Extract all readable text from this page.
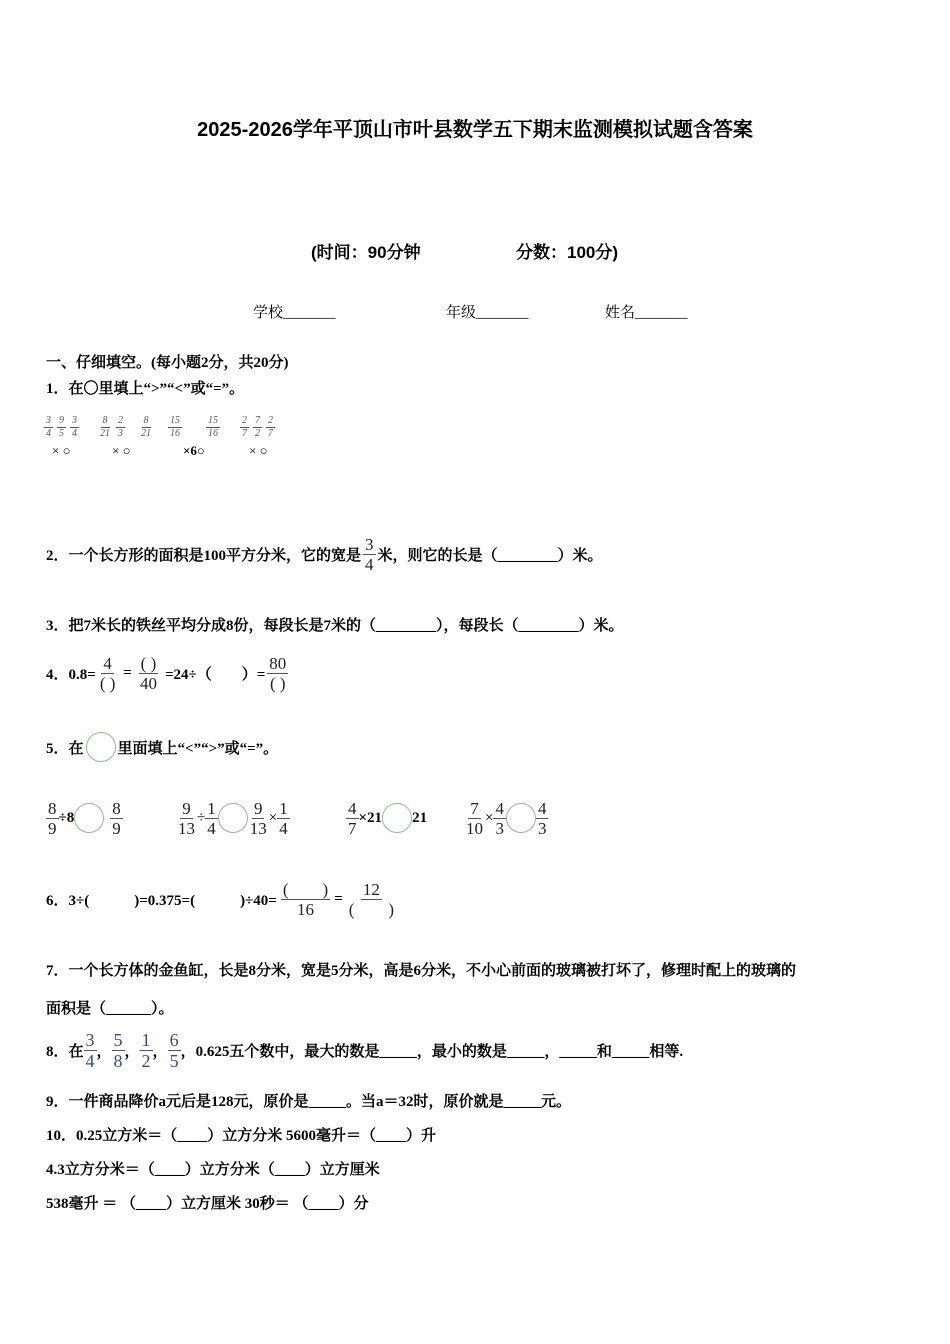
2025-2026学年平顶山市叶县数学五下期末监测模拟试题含答案
(时间：90分钟	分数：100分)
学校_______	年级_______	姓名_______
一、仔细填空。(每小题2分，共20分)
1．在〇里填上“>”“<”或“=”。
$\frac{3}{4}$
$\frac{9}{5}$
$\frac{3}{4}$
× ○
$\frac{8}{21}$
$\frac{2}{3}$
$\frac{8}{21}$
× ○
$\frac{15}{16}$
$\frac{15}{16}$
×6○
$\frac{2}{7}$
$\frac{7}{2}$
$\frac{2}{7}$
× ○
2．一个长方形的面积是100平方分米，它的宽是 $\frac{3}{4}$ 米，则它的长是（________）米。
3．把7米长的铁丝平均分成8份，每段长是7米的（________），每段长（________）米。
4．$0.8= \frac{4}{( )} = \frac{( )}{40} =24\div$（　　）= $\frac{80}{( )}$
5．在 里面填上“<”“>”或“=”。
$\frac{8}{9} \div 8 \frac{8}{9}$	$\frac{9}{13} \div \frac{1}{4} \frac{9}{13} \times \frac{1}{4}$	$\frac{4}{7} \times 21$ $21 \frac{7}{10} \times \frac{4}{3} \frac{4}{3}$
6．3÷(　　　)=0.375=(　　　)$\div 40= \frac{( )}{16} = \frac{12}{( )}$
7．一个长方体的金鱼缸，长是8分米，宽是5分米，高是6分米，不小心前面的玻璃被打坏了，修理时配上的玻璃的
面积是（______）。
8．在 $\frac{3}{4}$ ， $\frac{5}{8}$ ， $\frac{1}{2}$ ， $\frac{6}{5}$ ，0.625五个数中，最大的数是_____，最小的数是_____，_____和_____相等.
9．一件商品降价a元后是128元，原价是_____。当a＝32时，原价就是_____元。
10．0.25立方米＝（____）立方分米 5600毫升＝（____）升
4.3立方分米＝（____）立方分米（____）立方厘米
538毫升 ＝ （____）立方厘米 30秒＝ （____）分
